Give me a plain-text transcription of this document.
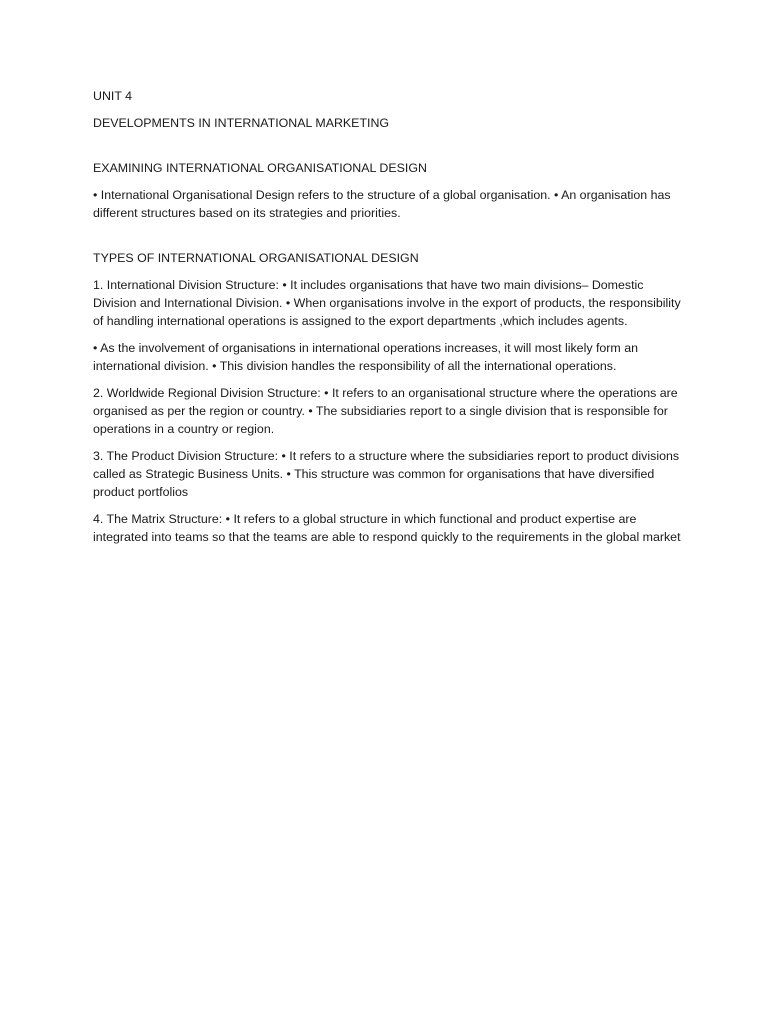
UNIT 4

DEVELOPMENTS IN INTERNATIONAL MARKETING

EXAMINING INTERNATIONAL ORGANISATIONAL DESIGN

• International Organisational Design refers to the structure of a global organisation. • An organisation has different structures based on its strategies and priorities.

TYPES OF INTERNATIONAL ORGANISATIONAL DESIGN

1. International Division Structure: • It includes organisations that have two main divisions– Domestic Division and International Division. • When organisations involve in the export of products, the responsibility of handling international operations is assigned to the export departments ,which includes agents.

• As the involvement of organisations in international operations increases, it will most likely form an international division. • This division handles the responsibility of all the international operations.

2. Worldwide Regional Division Structure: • It refers to an organisational structure where the operations are organised as per the region or country. • The subsidiaries report to a single division that is responsible for operations in a country or region.

3. The Product Division Structure: • It refers to a structure where the subsidiaries report to product divisions called as Strategic Business Units. • This structure was common for organisations that have diversified product portfolios

4. The Matrix Structure: • It refers to a global structure in which functional and product expertise are integrated into teams so that the teams are able to respond quickly to the requirements in the global market
